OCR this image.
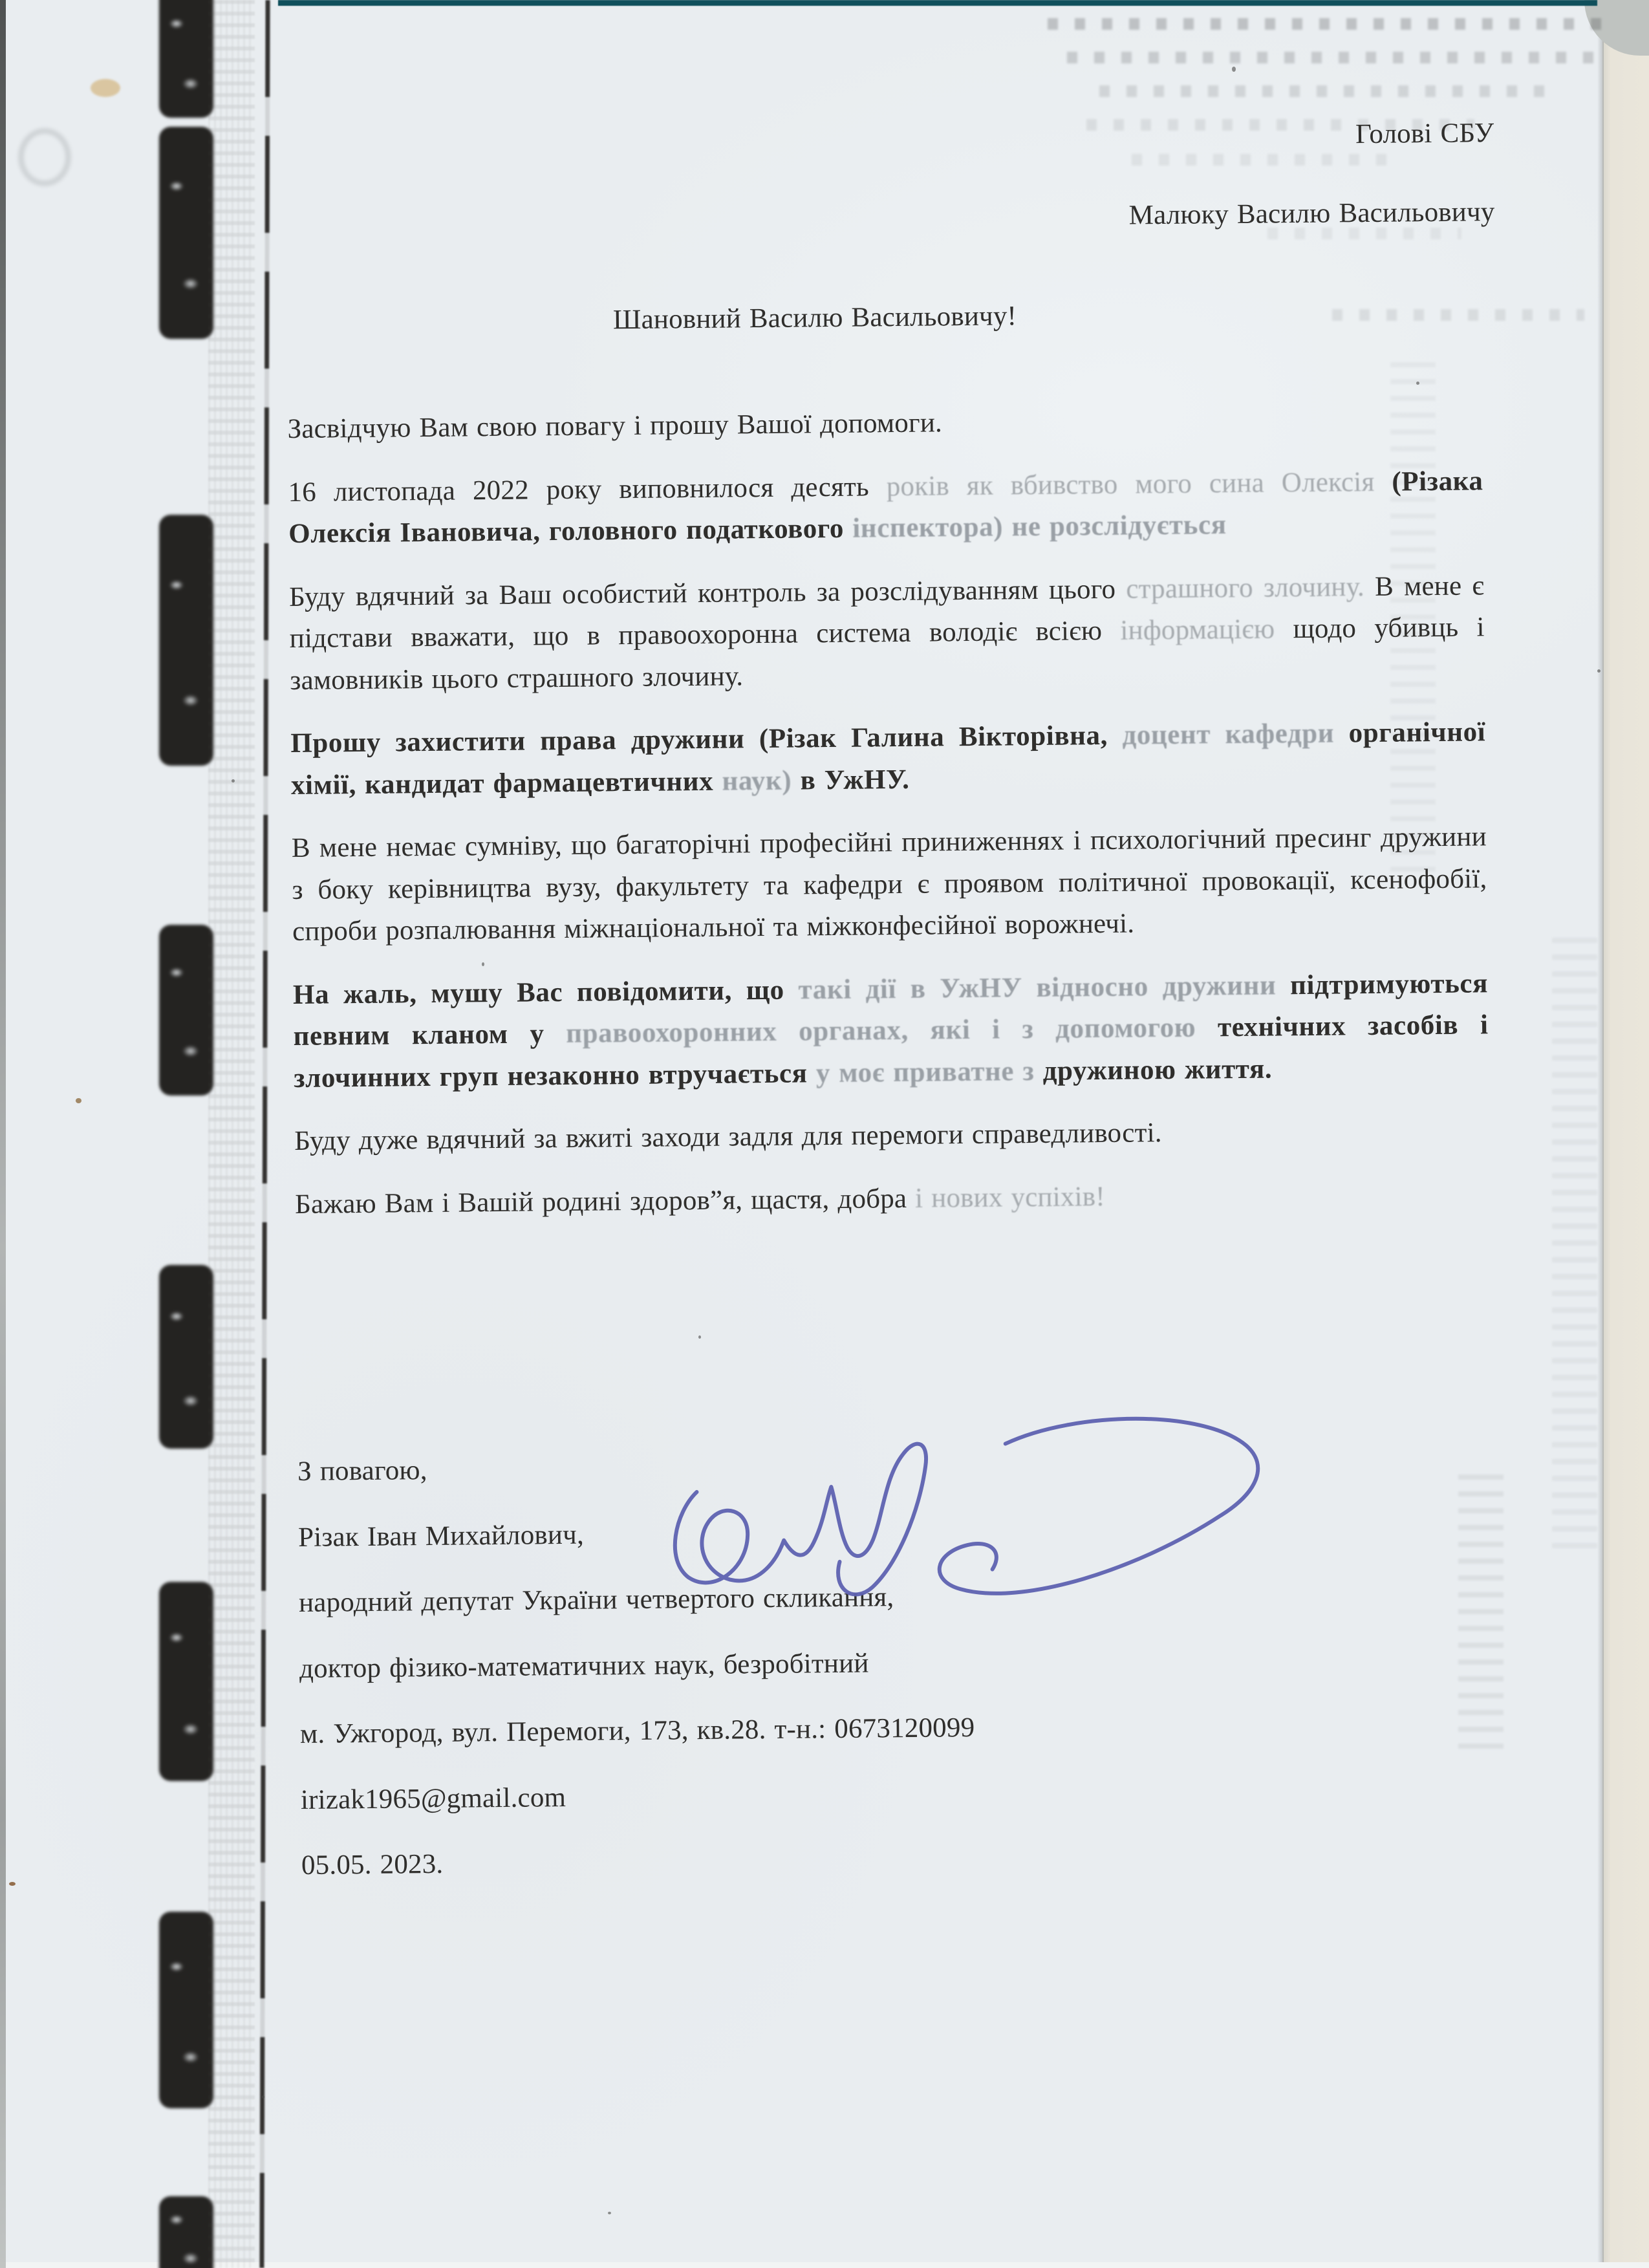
Голові СБУ
Малюку Василю Васильовичу
Шановний Василю Васильовичу!

Засвідчую Вам свою повагу і прошу Вашої допомоги.

16 листопада 2022 року виповнилося десять років як вбивство мого сина Олексія (Різака Олексія Івановича, головного податкового інспектора) не розслідується

Буду вдячний за Ваш особистий контроль за розслідуванням цього страшного злочину. В мене є підстави вважати, що в правоохоронна система володіє всією інформацією щодо убивць і замовників цього страшного злочину.

Прошу захистити права дружини (Різак Галина Вікторівна, доцент кафедри органічної хімії, кандидат фармацевтичних наук) в УжНУ.

В мене немає сумніву, що багаторічні професійні приниженнях і психологічний пресинг дружини з боку керівництва вузу, факультету та кафедри є проявом політичної провокації, ксенофобії, спроби розпалювання міжнаціональної та міжконфесійної ворожнечі.

На жаль, мушу Вас повідомити, що такі дії в УжНУ відносно дружини підтримуються певним кланом у правоохоронних органах, які і з допомогою технічних засобів і злочинних груп незаконно втручається у моє приватне з дружиною життя.

Буду дуже вдячний за вжиті заходи задля для перемоги справедливості.

Бажаю Вам і Вашій родині здоров”я, щастя, добра і нових успіхів!

З повагою,
Різак Іван Михайлович,
народний депутат України четвертого скликання,
доктор фізико-математичних наук, безробітний
м. Ужгород, вул. Перемоги, 173, кв.28. т-н.: 0673120099
irizak1965@gmail.com
05.05. 2023.
